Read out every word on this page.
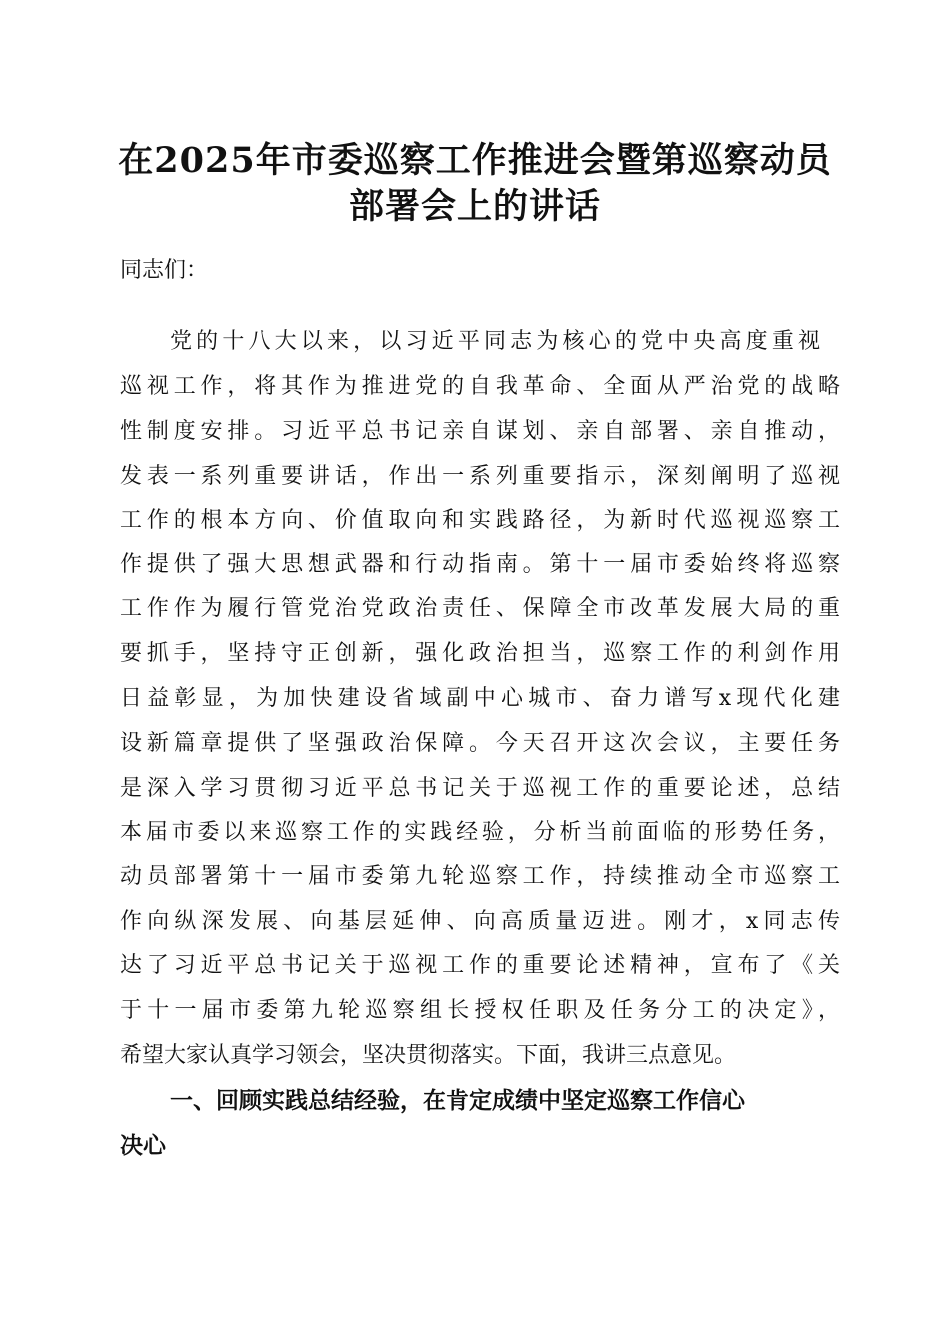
在2025年市委巡察工作推进会暨第巡察动员
部署会上的讲话

同志们：

党的十八大以来，以习近平同志为核心的党中央高度重视

巡视工作，将其作为推进党的自我革命、全面从严治党的战略

性制度安排。习近平总书记亲自谋划、亲自部署、亲自推动，

发表一系列重要讲话，作出一系列重要指示，深刻阐明了巡视

工作的根本方向、价值取向和实践路径，为新时代巡视巡察工

作提供了强大思想武器和行动指南。第十一届市委始终将巡察

工作作为履行管党治党政治责任、保障全市改革发展大局的重

要抓手，坚持守正创新，强化政治担当，巡察工作的利剑作用

日益彰显，为加快建设省域副中心城市、奋力谱写x现代化建

设新篇章提供了坚强政治保障。今天召开这次会议，主要任务

是深入学习贯彻习近平总书记关于巡视工作的重要论述，总结

本届市委以来巡察工作的实践经验，分析当前面临的形势任务，

动员部署第十一届市委第九轮巡察工作，持续推动全市巡察工

作向纵深发展、向基层延伸、向高质量迈进。刚才，x同志传

达了习近平总书记关于巡视工作的重要论述精神，宣布了《关

于十一届市委第九轮巡察组长授权任职及任务分工的决定》，

希望大家认真学习领会，坚决贯彻落实。下面，我讲三点意见。

一、回顾实践总结经验，在肯定成绩中坚定巡察工作信心
决心
